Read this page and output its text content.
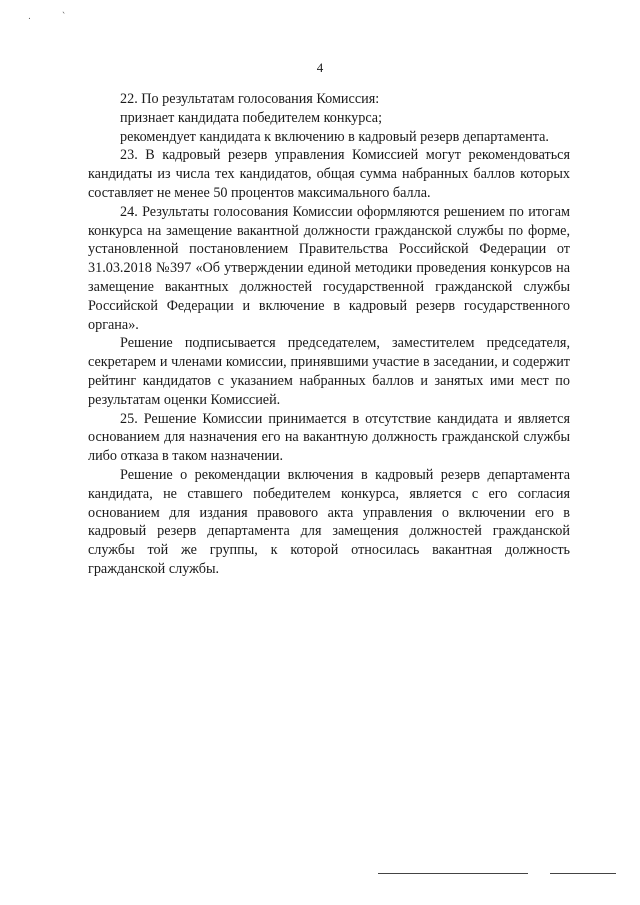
. `
4

22. По результатам голосования Комиссия:

признает кандидата победителем конкурса;

рекомендует кандидата к включению в кадровый резерв департамента.

23. В кадровый резерв управления Комиссией могут рекомендоваться кандидаты из числа тех кандидатов, общая сумма набранных баллов которых составляет не менее 50 процентов максимального балла.

24. Результаты голосования Комиссии оформляются решением по итогам конкурса на замещение вакантной должности гражданской службы по форме, установленной постановлением Правительства Российской Федерации от 31.03.2018 №397 «Об утверждении единой методики проведения конкурсов на замещение вакантных должностей государственной гражданской службы Российской Федерации и включение в кадровый резерв государственного органа».

Решение подписывается председателем, заместителем председателя, секретарем и членами комиссии, принявшими участие в заседании, и содержит рейтинг кандидатов с указанием набранных баллов и занятых ими мест по результатам оценки Комиссией.

25. Решение Комиссии принимается в отсутствие кандидата и является основанием для назначения его на вакантную должность гражданской службы либо отказа в таком назначении.

Решение о рекомендации включения в кадровый резерв департамента кандидата, не ставшего победителем конкурса, является с его согласия основанием для издания правового акта управления о включении его в кадровый резерв департамента для замещения должностей гражданской службы той же группы, к которой относилась вакантная должность гражданской службы.
